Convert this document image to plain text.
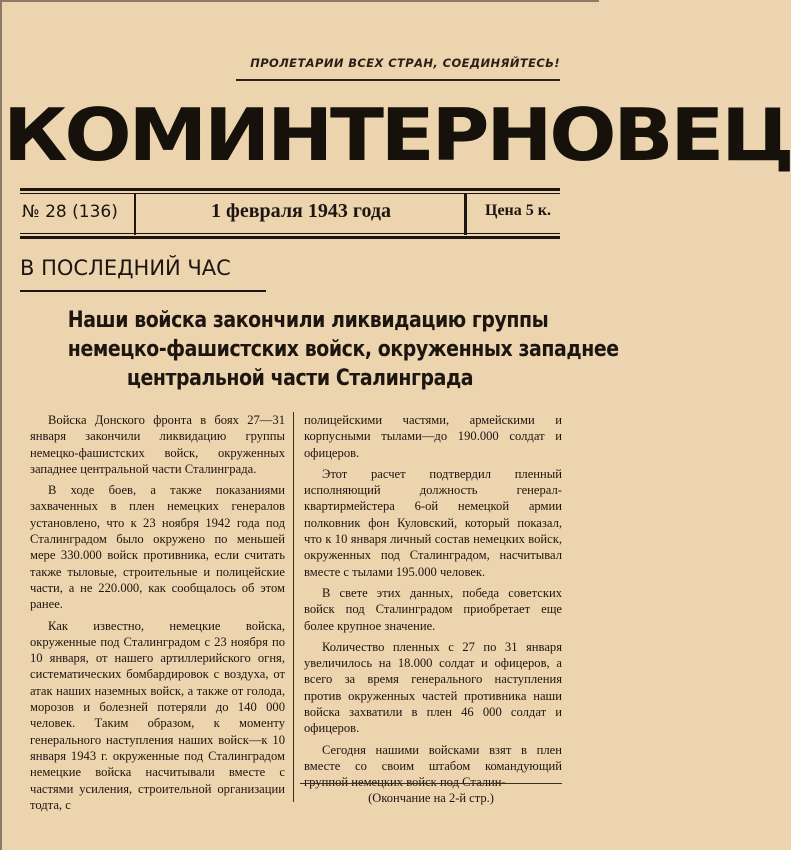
ПРОЛЕТАРИИ ВСЕХ СТРАН, СОЕДИНЯЙТЕСЬ!
КОМИНТЕРНОВЕЦ
№ 28 (136)	1 февраля 1943 года	Цена 5 к.
В ПОСЛЕДНИЙ ЧАС
Наши войска закончили ликвидацию группы
немецко-фашистских войск, окруженных западнее
центральной части Сталинграда

Войска Донского фронта в боях 27—31 января закончили ликвидацию группы немецко-фашистских войск, окруженных западнее центральной части Сталинграда.

В ходе боев, а также показаниями захваченных в плен немецких генералов установлено, что к 23 ноября 1942 года под Сталинградом было окружено по меньшей мере 330.000 войск противника, если считать также тыловые, строительные и полицейские части, а не 220.000, как сообщалось об этом ранее.

Как известно, немецкие войска, окруженные под Сталинградом с 23 ноября по 10 января, от нашего артиллерийского огня, систематических бомбардировок с воздуха, от атак наших наземных войск, а также от голода, морозов и болезней потеряли до 140 000 человек. Таким образом, к моменту генерального наступления наших войск—к 10 января 1943 г. окруженные под Сталинградом немецкие войска насчитывали вместе с частями усиления, строительной организации тодта, с

полицейскими частями, армейскими и корпусными тылами—до 190.000 солдат и офицеров.

Этот расчет подтвердил пленный исполняющий должность генерал-квартирмейстера 6-ой немецкой армии полковник фон Куловский, который показал, что к 10 января личный состав немецких войск, окруженных под Сталинградом, насчитывал вместе с тылами 195.000 человек.

В свете этих данных, победа советских войск под Сталинградом приобретает еще более крупное значение.

Количество пленных с 27 по 31 января увеличилось на 18.000 солдат и офицеров, а всего за время генерального наступления против окруженных частей противника наши войска захватили в плен 46 000 солдат и офицеров.

Сегодня нашими войсками взят в плен вместе со своим штабом командующий

(Окончание на 2-й стр.)
